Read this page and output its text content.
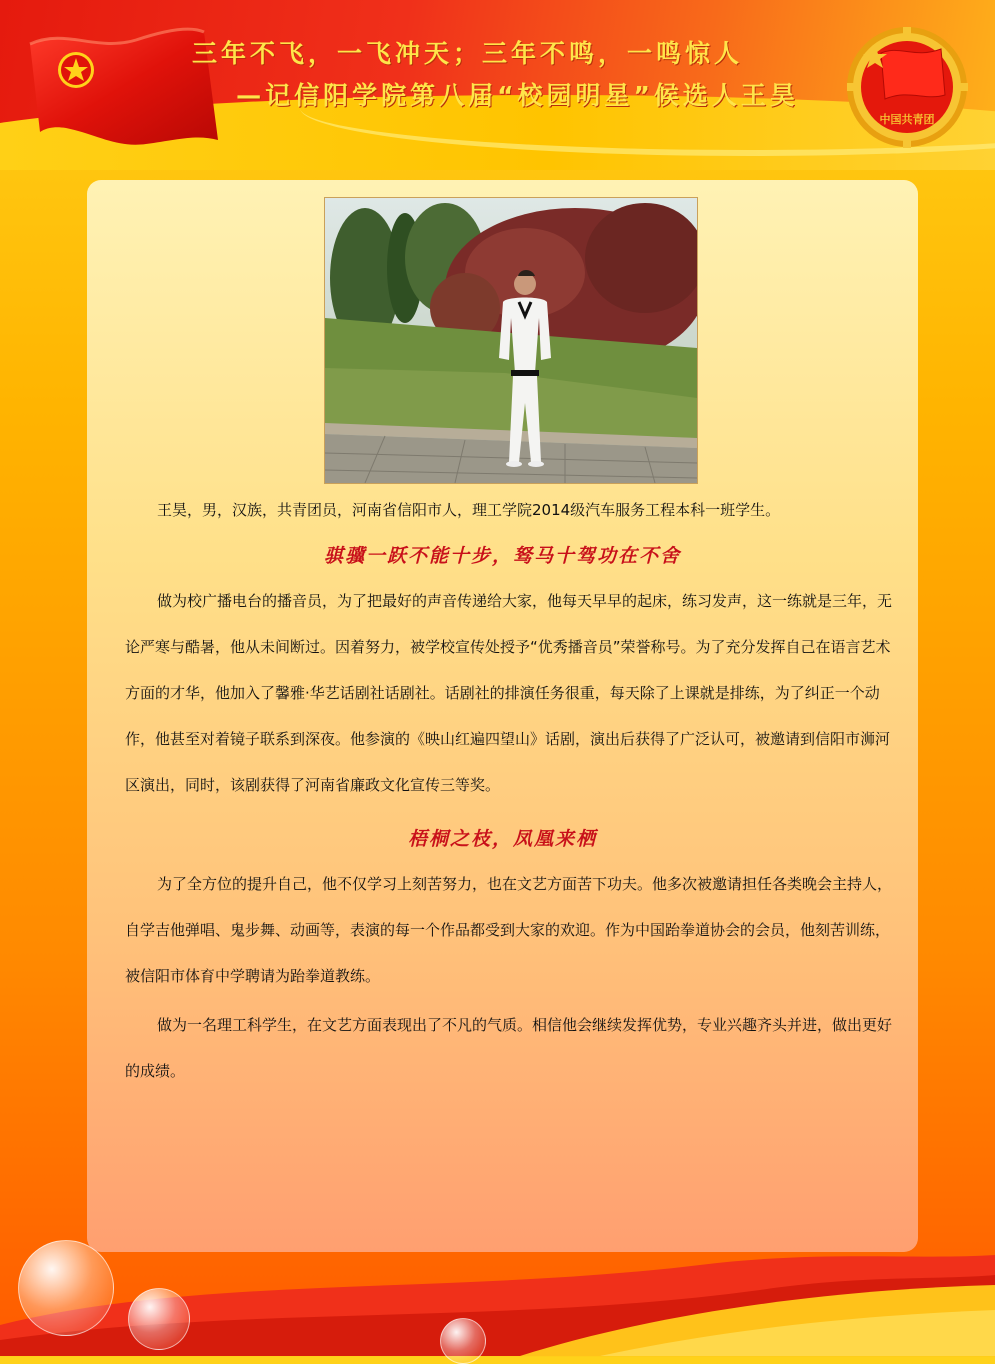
三年不飞，一飞冲天；三年不鸣，一鸣惊人
—记信阳学院第八届“校园明星”候选人王昊
中国共青团
王昊，男，汉族，共青团员，河南省信阳市人，理工学院2014级汽车服务工程本科一班学生。
骐骥一跃不能十步，驽马十驾功在不舍
做为校广播电台的播音员，为了把最好的声音传递给大家，他每天早早的起床，练习发声，这一练就是三年，无论严寒与酷暑，他从未间断过。因着努力，被学校宣传处授予“优秀播音员”荣誉称号。为了充分发挥自己在语言艺术方面的才华，他加入了馨雅·华艺话剧社话剧社。话剧社的排演任务很重，每天除了上课就是排练，为了纠正一个动作，他甚至对着镜子联系到深夜。他参演的《映山红遍四望山》话剧，演出后获得了广泛认可，被邀请到信阳市浉河区演出，同时，该剧获得了河南省廉政文化宣传三等奖。
梧桐之枝，凤凰来栖
为了全方位的提升自己，他不仅学习上刻苦努力，也在文艺方面苦下功夫。他多次被邀请担任各类晚会主持人，自学吉他弹唱、鬼步舞、动画等，表演的每一个作品都受到大家的欢迎。作为中国跆拳道协会的会员，他刻苦训练，被信阳市体育中学聘请为跆拳道教练。
做为一名理工科学生，在文艺方面表现出了不凡的气质。相信他会继续发挥优势，专业兴趣齐头并进，做出更好的成绩。
